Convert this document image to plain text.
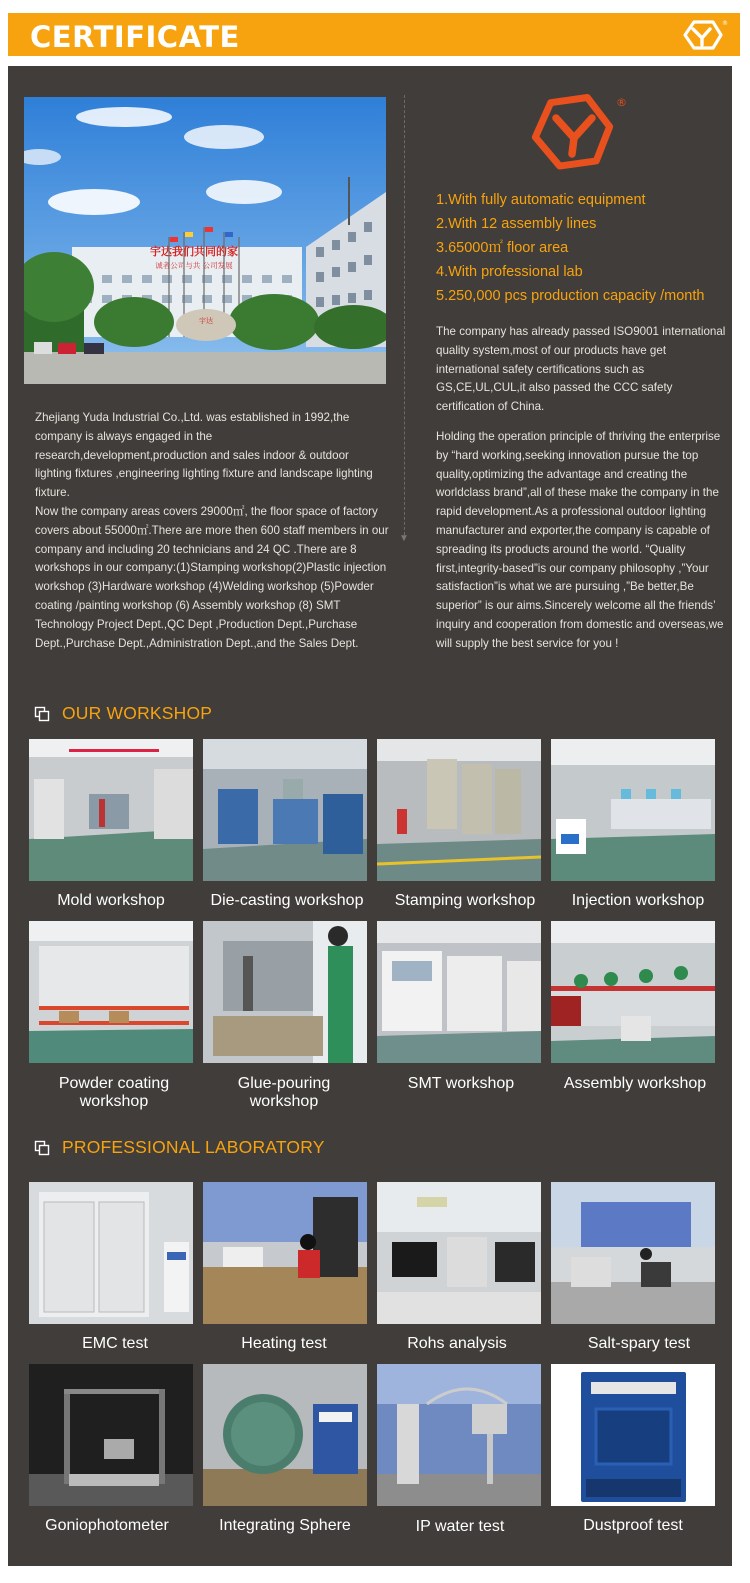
CERTIFICATE	®
宇达我们共同的家
诚者公司与共 公司发展
宇达
▼
®
1.With fully automatic equipment
2.With 12 assembly lines
3.65000㎡ floor area
4.With professional lab
5.250,000 pcs production capacity /month

The company has already passed ISO9001 international quality system,most of our products have get international safety certifications such as GS,CE,UL,CUL,it also passed the CCC safety certification of China.

Holding the operation principle of thriving the enterprise by “hard working,seeking innovation pursue the top quality,optimizing the advantage and creating the worldclass brand”,all of these make the company in the rapid development.As a professional outdoor lighting manufacturer and exporter,the company is capable of spreading its products around the world. “Quality first,integrity-based”is our company philosophy ,”Your satisfaction”is what we are pursuing ,”Be better,Be superior” is our aims.Sincerely welcome all the friends’ inquiry and cooperation from domestic and overseas,we will supply the best service for you !

Zhejiang Yuda Industrial Co.,Ltd. was established in 1992,the company is always engaged in the research,development,production and sales indoor & outdoor lighting fixtures ,engineering lighting fixture and landscape lighting fixture.

Now the company areas covers 29000㎡, the floor space of factory covers about 55000㎡.There are more then 600 staff members in our company and including 20 technicians and 24 QC .There are 8 workshops in our company:(1)Stamping workshop(2)Plastic injection workshop (3)Hardware workshop (4)Welding workshop (5)Powder coating /painting workshop (6) Assembly workshop (8) SMT Technology Project Dept.,QC Dept ,Production Dept.,Purchase Dept.,Purchase Dept.,Administration Dept.,and the Sales Dept.

OUR WORKSHOP
Mold workshop	Die-casting workshop	Stamping workshop	Injection workshop
Powder coating
workshop
Glue-pouring
workshop
SMT workshop	Assembly workshop
PROFESSIONAL LABORATORY
EMC test	Heating test	Rohs analysis	Salt-spary test
Goniophotometer	Integrating Sphere	IP water test	Dustproof test
